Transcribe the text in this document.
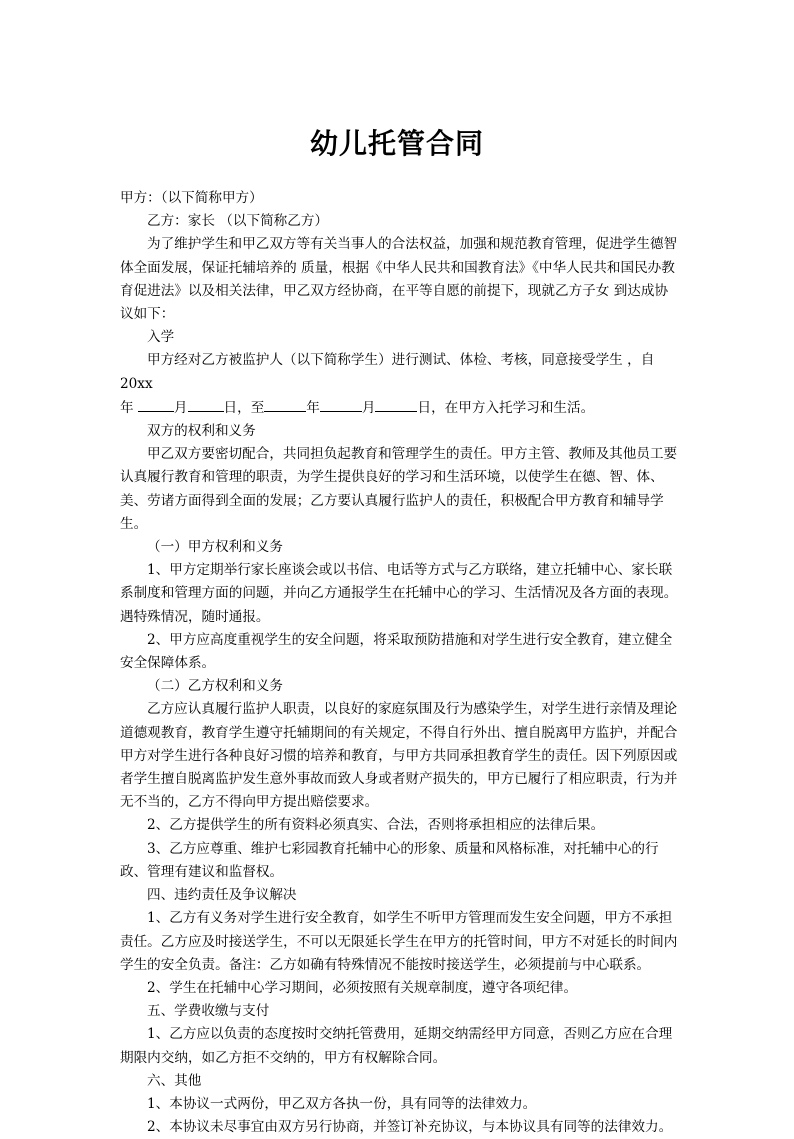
幼儿托管合同

甲方：（以下简称甲方）

乙方：家长 （以下简称乙方）

为了维护学生和甲乙双方等有关当事人的合法权益，加强和规范教育管理，促进学生德智体全面发展，保证托辅培养的 质量，根据《中华人民共和国教育法》《中华人民共和国民办教育促进法》以及相关法律，甲乙双方经协商，在平等自愿的前提下，现就乙方子女 到达成协议如下：

入学

甲方经对乙方被监护人（以下简称学生）进行测试、体检、考核，同意接受学生 ，自 20xx

年	月	日，至	年	月	日，在甲方入托学习和生活。

双方的权利和义务

甲乙双方要密切配合，共同担负起教育和管理学生的责任。甲方主管、教师及其他员工要认真履行教育和管理的职责，为学生提供良好的学习和生活环境，以使学生在德、智、体、美、劳诸方面得到全面的发展；乙方要认真履行监护人的责任，积极配合甲方教育和辅导学生。

（一）甲方权利和义务

1、甲方定期举行家长座谈会或以书信、电话等方式与乙方联络，建立托辅中心、家长联系制度和管理方面的问题，并向乙方通报学生在托辅中心的学习、生活情况及各方面的表现。遇特殊情况，随时通报。

2、甲方应高度重视学生的安全问题，将采取预防措施和对学生进行安全教育，建立健全安全保障体系。

（二）乙方权利和义务

乙方应认真履行监护人职责，以良好的家庭氛围及行为感染学生，对学生进行亲情及理论道德观教育，教育学生遵守托辅期间的有关规定，不得自行外出、擅自脱离甲方监护，并配合甲方对学生进行各种良好习惯的培养和教育，与甲方共同承担教育学生的责任。因下列原因或者学生擅自脱离监护发生意外事故而致人身或者财产损失的，甲方已履行了相应职责，行为并无不当的，乙方不得向甲方提出赔偿要求。

2、乙方提供学生的所有资料必须真实、合法，否则将承担相应的法律后果。

3、乙方应尊重、维护七彩园教育托辅中心的形象、质量和风格标准，对托辅中心的行政、管理有建议和监督权。

四、违约责任及争议解决

1、乙方有义务对学生进行安全教育，如学生不听甲方管理而发生安全问题，甲方不承担责任。乙方应及时接送学生，不可以无限延长学生在甲方的托管时间，甲方不对延长的时间内学生的安全负责。备注：乙方如确有特殊情况不能按时接送学生，必须提前与中心联系。

2、学生在托辅中心学习期间，必须按照有关规章制度，遵守各项纪律。

五、学费收缴与支付

1、乙方应以负责的态度按时交纳托管费用，延期交纳需经甲方同意，否则乙方应在合理期限内交纳，如乙方拒不交纳的，甲方有权解除合同。

六、其他

1、本协议一式两份，甲乙双方各执一份，具有同等的法律效力。

2、本协议未尽事宜由双方另行协商，并签订补充协议，与本协议具有同等的法律效力。
